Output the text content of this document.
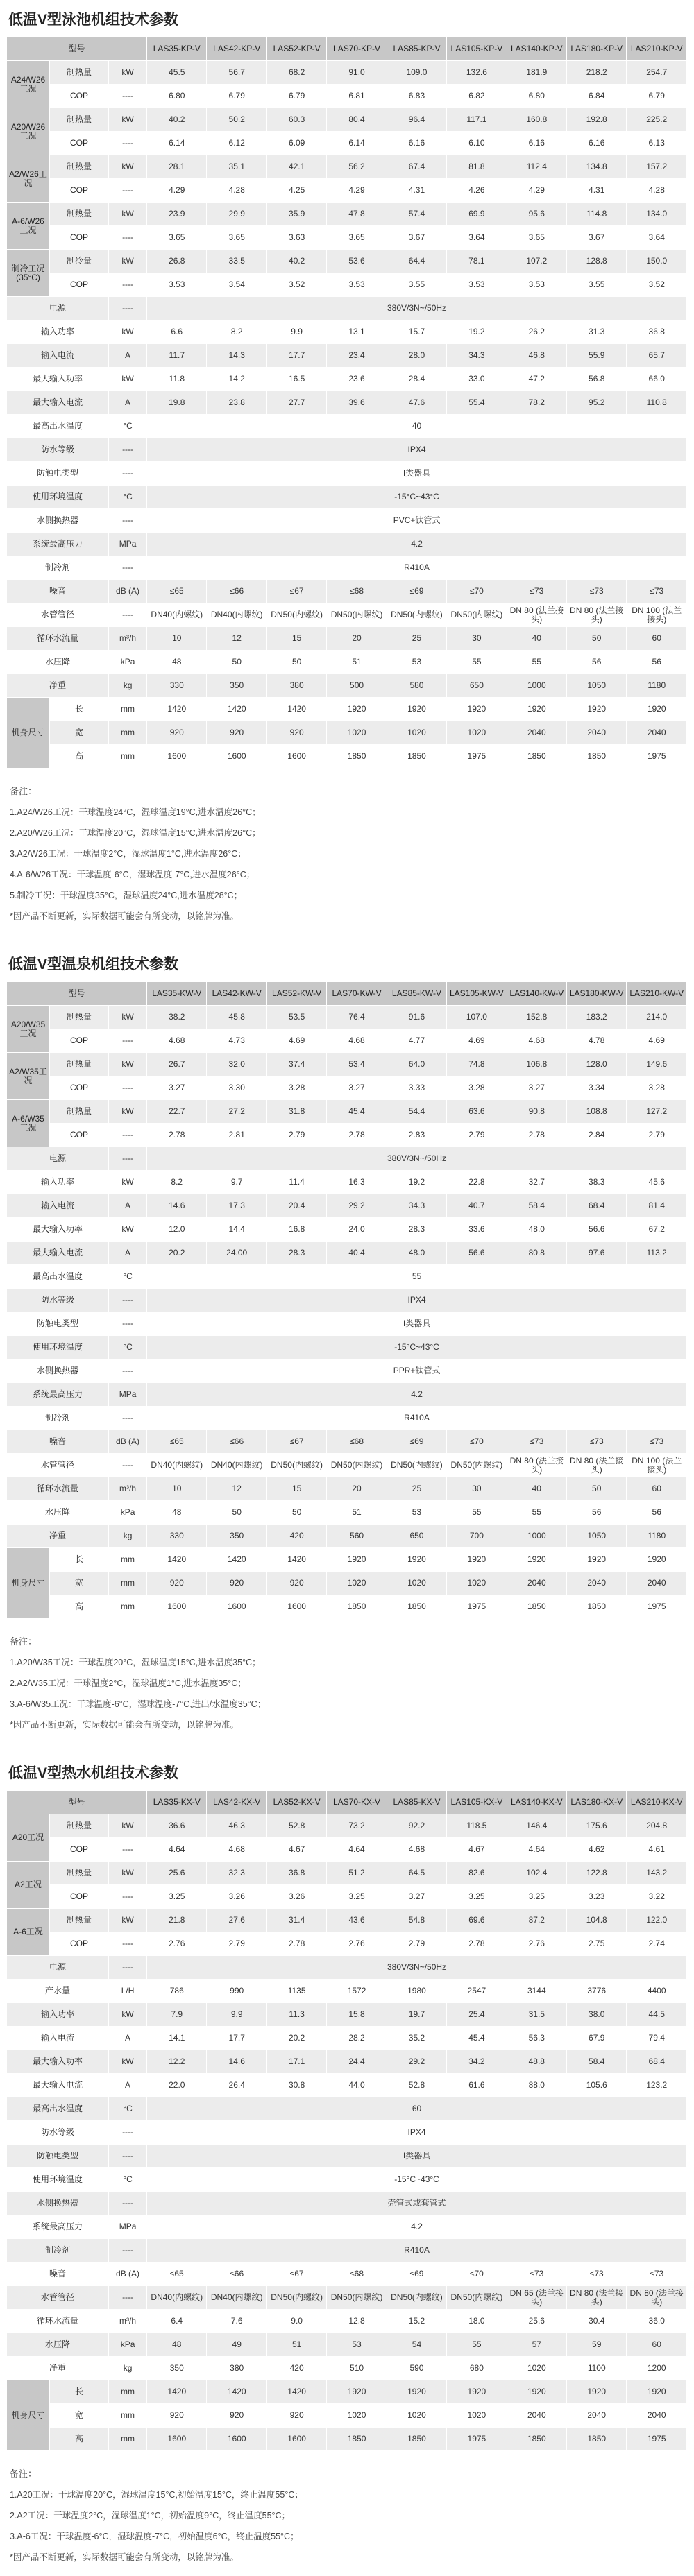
低温V型泳池机组技术参数
型号			LAS35-KP-V	LAS42-KP-V	LAS52-KP-V	LAS70-KP-V	LAS85-KP-V	LAS105-KP-V	LAS140-KP-V	LAS180-KP-V	LAS210-KP-V
A24/W26工况	制热量	kW	45.5	56.7	68.2	91.0	109.0	132.6	181.9	218.2	254.7
	COP	----	6.80	6.79	6.79	6.81	6.83	6.82	6.80	6.84	6.79
A20/W26工况	制热量	kW	40.2	50.2	60.3	80.4	96.4	117.1	160.8	192.8	225.2
	COP	----	6.14	6.12	6.09	6.14	6.16	6.10	6.16	6.16	6.13
A2/W26工况	制热量	kW	28.1	35.1	42.1	56.2	67.4	81.8	112.4	134.8	157.2
	COP	----	4.29	4.28	4.25	4.29	4.31	4.26	4.29	4.31	4.28
A-6/W26工况	制热量	kW	23.9	29.9	35.9	47.8	57.4	69.9	95.6	114.8	134.0
	COP	----	3.65	3.65	3.63	3.65	3.67	3.64	3.65	3.67	3.64
制冷工况(35°C)	制冷量	kW	26.8	33.5	40.2	53.6	64.4	78.1	107.2	128.8	150.0
	COP	----	3.53	3.54	3.52	3.53	3.55	3.53	3.53	3.55	3.52
电源		----	380V/3N~/50Hz								
输入功率		kW	6.6	8.2	9.9	13.1	15.7	19.2	26.2	31.3	36.8
输入电流		A	11.7	14.3	17.7	23.4	28.0	34.3	46.8	55.9	65.7
最大输入功率		kW	11.8	14.2	16.5	23.6	28.4	33.0	47.2	56.8	66.0
最大输入电流		A	19.8	23.8	27.7	39.6	47.6	55.4	78.2	95.2	110.8
最高出水温度		°C	40								
防水等级		----	IPX4								
防触电类型		----	I类器具								
使用环境温度		°C	-15°C~43°C								
水侧换热器		----	PVC+钛管式								
系统最高压力		MPa	4.2								
制冷剂		----	R410A								
噪音		dB (A)	≤65	≤66	≤67	≤68	≤69	≤70	≤73	≤73	≤73
水管管径		----	DN40(内螺纹)	DN40(内螺纹)	DN50(内螺纹)	DN50(内螺纹)	DN50(内螺纹)	DN50(内螺纹)	DN 80 (法兰接头)	DN 80 (法兰接头)	DN 100 (法兰接头)
循环水流量		m³/h	10	12	15	20	25	30	40	50	60
水压降		kPa	48	50	50	51	53	55	55	56	56
净重		kg	330	350	380	500	580	650	1000	1050	1180
机身尺寸	长	mm	1420	1420	1420	1920	1920	1920	1920	1920	1920
	宽	mm	920	920	920	1020	1020	1020	2040	2040	2040
	高	mm	1600	1600	1600	1850	1850	1975	1850	1850	1975
备注：
1.A24/W26工况：干球温度24°C，湿球温度19°C,进水温度26°C；
2.A20/W26工况：干球温度20°C，湿球温度15°C,进水温度26°C；
3.A2/W26工况：干球温度2°C，湿球温度1°C,进水温度26°C；
4.A-6/W26工况：干球温度-6°C，湿球温度-7°C,进水温度26°C；
5.制冷工况：干球温度35°C，湿球温度24°C,进水温度28°C；
*因产品不断更新，实际数据可能会有所变动，以铭牌为准。
低温V型温泉机组技术参数
型号			LAS35-KW-V	LAS42-KW-V	LAS52-KW-V	LAS70-KW-V	LAS85-KW-V	LAS105-KW-V	LAS140-KW-V	LAS180-KW-V	LAS210-KW-V
A20/W35工况	制热量	kW	38.2	45.8	53.5	76.4	91.6	107.0	152.8	183.2	214.0
	COP	----	4.68	4.73	4.69	4.68	4.77	4.69	4.68	4.78	4.69
A2/W35工况	制热量	kW	26.7	32.0	37.4	53.4	64.0	74.8	106.8	128.0	149.6
	COP	----	3.27	3.30	3.28	3.27	3.33	3.28	3.27	3.34	3.28
A-6/W35工况	制热量	kW	22.7	27.2	31.8	45.4	54.4	63.6	90.8	108.8	127.2
	COP	----	2.78	2.81	2.79	2.78	2.83	2.79	2.78	2.84	2.79
电源		----	380V/3N~/50Hz								
输入功率		kW	8.2	9.7	11.4	16.3	19.2	22.8	32.7	38.3	45.6
输入电流		A	14.6	17.3	20.4	29.2	34.3	40.7	58.4	68.4	81.4
最大输入功率		kW	12.0	14.4	16.8	24.0	28.3	33.6	48.0	56.6	67.2
最大输入电流		A	20.2	24.00	28.3	40.4	48.0	56.6	80.8	97.6	113.2
最高出水温度		°C	55								
防水等级		----	IPX4								
防触电类型		----	I类器具								
使用环境温度		°C	-15°C~43°C								
水侧换热器		----	PPR+钛管式								
系统最高压力		MPa	4.2								
制冷剂		----	R410A								
噪音		dB (A)	≤65	≤66	≤67	≤68	≤69	≤70	≤73	≤73	≤73
水管管径		----	DN40(内螺纹)	DN40(内螺纹)	DN50(内螺纹)	DN50(内螺纹)	DN50(内螺纹)	DN50(内螺纹)	DN 80 (法兰接头)	DN 80 (法兰接头)	DN 100 (法兰接头)
循环水流量		m³/h	10	12	15	20	25	30	40	50	60
水压降		kPa	48	50	50	51	53	55	55	56	56
净重		kg	330	350	420	560	650	700	1000	1050	1180
机身尺寸	长	mm	1420	1420	1420	1920	1920	1920	1920	1920	1920
	宽	mm	920	920	920	1020	1020	1020	2040	2040	2040
	高	mm	1600	1600	1600	1850	1850	1975	1850	1850	1975
备注：
1.A20/W35工况：干球温度20°C，湿球温度15°C,进水温度35°C；
2.A2/W35工况：干球温度2°C，湿球温度1°C,进水温度35°C；
3.A-6/W35工况：干球温度-6°C，湿球温度-7°C,进出/水温度35°C；
*因产品不断更新，实际数据可能会有所变动，以铭牌为准。
低温V型热水机组技术参数
型号			LAS35-KX-V	LAS42-KX-V	LAS52-KX-V	LAS70-KX-V	LAS85-KX-V	LAS105-KX-V	LAS140-KX-V	LAS180-KX-V	LAS210-KX-V
A20工况	制热量	kW	36.6	46.3	52.8	73.2	92.2	118.5	146.4	175.6	204.8
	COP	----	4.64	4.68	4.67	4.64	4.68	4.67	4.64	4.62	4.61
A2工况	制热量	kW	25.6	32.3	36.8	51.2	64.5	82.6	102.4	122.8	143.2
	COP	----	3.25	3.26	3.26	3.25	3.27	3.25	3.25	3.23	3.22
A-6工况	制热量	kW	21.8	27.6	31.4	43.6	54.8	69.6	87.2	104.8	122.0
	COP	----	2.76	2.79	2.78	2.76	2.79	2.78	2.76	2.75	2.74
电源		----	380V/3N~/50Hz								
产水量		L/H	786	990	1135	1572	1980	2547	3144	3776	4400
输入功率		kW	7.9	9.9	11.3	15.8	19.7	25.4	31.5	38.0	44.5
输入电流		A	14.1	17.7	20.2	28.2	35.2	45.4	56.3	67.9	79.4
最大输入功率		kW	12.2	14.6	17.1	24.4	29.2	34.2	48.8	58.4	68.4
最大输入电流		A	22.0	26.4	30.8	44.0	52.8	61.6	88.0	105.6	123.2
最高出水温度		°C	60								
防水等级		----	IPX4								
防触电类型		----	I类器具								
使用环境温度		°C	-15°C~43°C								
水侧换热器		----	壳管式或套管式								
系统最高压力		MPa	4.2								
制冷剂		----	R410A								
噪音		dB (A)	≤65	≤66	≤67	≤68	≤69	≤70	≤73	≤73	≤73
水管管径		----	DN40(内螺纹)	DN40(内螺纹)	DN50(内螺纹)	DN50(内螺纹)	DN50(内螺纹)	DN50(内螺纹)	DN 65 (法兰接头)	DN 80 (法兰接头)	DN 80 (法兰接头)
循环水流量		m³/h	6.4	7.6	9.0	12.8	15.2	18.0	25.6	30.4	36.0
水压降		kPa	48	49	51	53	54	55	57	59	60
净重		kg	350	380	420	510	590	680	1020	1100	1200
机身尺寸	长	mm	1420	1420	1420	1920	1920	1920	1920	1920	1920
	宽	mm	920	920	920	1020	1020	1020	2040	2040	2040
	高	mm	1600	1600	1600	1850	1850	1975	1850	1850	1975
备注：
1.A20工况：干球温度20°C，湿球温度15°C,初始温度15°C，终止温度55°C；
2.A2工况：干球温度2°C，湿球温度1°C，初始温度9°C，终止温度55°C；
3.A-6工况：干球温度-6°C，湿球温度-7°C，初始温度6°C，终止温度55°C；
*因产品不断更新，实际数据可能会有所变动，以铭牌为准。
